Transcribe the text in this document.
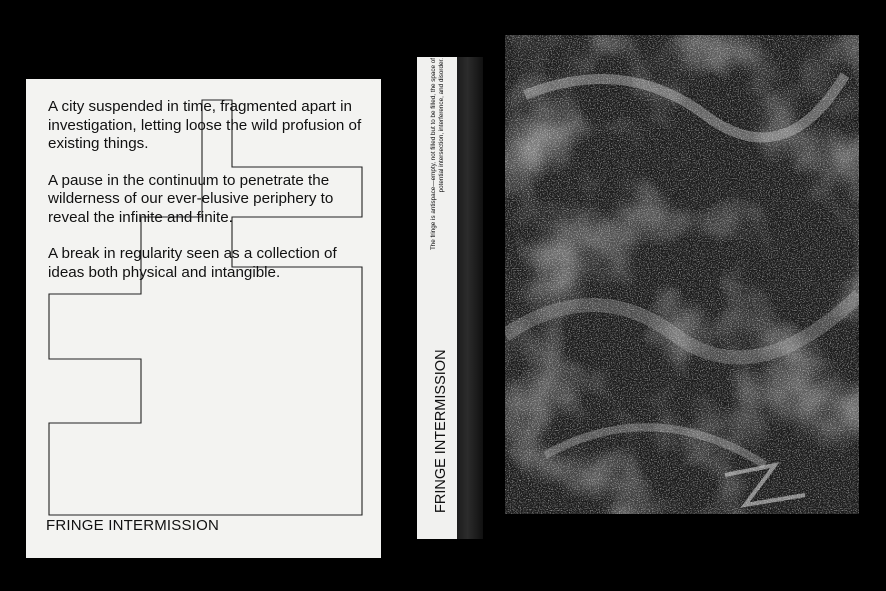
A city suspended in time, fragmented apart in investigation, letting loose the wild profusion of existing things.

A pause in the continuum to penetrate the wilderness of our ever-elusive periphery to reveal the infinite and finite.

A break in regularity seen as a collection of ideas both physical and intangible.

FRINGE INTERMISSION
The fringe is antispace—empty, not filled but to be filled, the space of potential intersection, interference, and disorder.
FRINGE INTERMISSION
